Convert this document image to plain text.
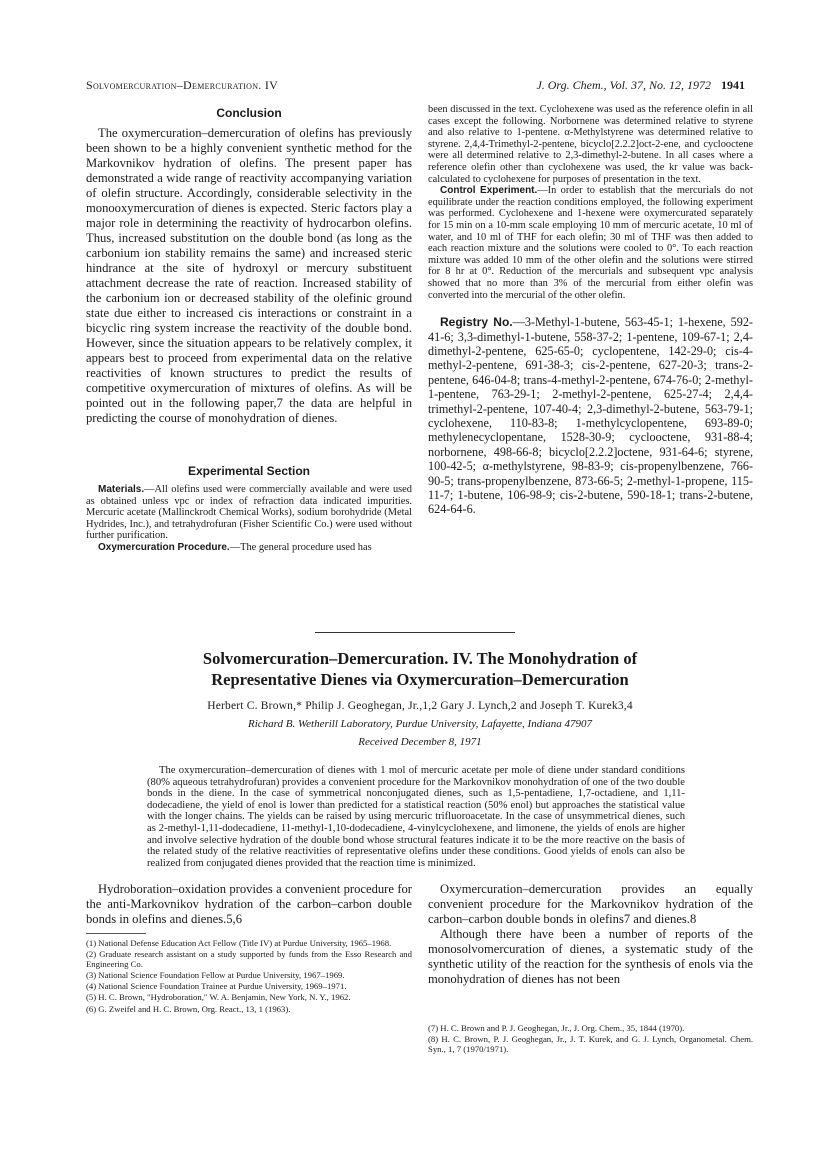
Solvomercuration–Demercuration. IV	J. Org. Chem., Vol. 37, No. 12, 1972 1941
Conclusion

The oxymercuration–demercuration of olefins has previously been shown to be a highly convenient synthetic method for the Markovnikov hydration of olefins. The present paper has demonstrated a wide range of reactivity accompanying variation of olefin structure. Accordingly, considerable selectivity in the monooxymercuration of dienes is expected. Steric factors play a major role in determining the reactivity of hydrocarbon olefins. Thus, increased substitution on the double bond (as long as the carbonium ion stability remains the same) and increased steric hindrance at the site of hydroxyl or mercury substituent attachment decrease the rate of reaction. Increased stability of the carbonium ion or decreased stability of the olefinic ground state due either to increased cis interactions or constraint in a bicyclic ring system increase the reactivity of the double bond. However, since the situation appears to be relatively complex, it appears best to proceed from experimental data on the relative reactivities of known structures to predict the results of competitive oxymercuration of mixtures of olefins. As will be pointed out in the following paper,7 the data are helpful in predicting the course of monohydration of dienes.

Experimental Section

Materials.—All olefins used were commercially available and were used as obtained unless vpc or index of refraction data indicated impurities. Mercuric acetate (Mallinckrodt Chemical Works), sodium borohydride (Metal Hydrides, Inc.), and tetrahydrofuran (Fisher Scientific Co.) were used without further purification.

Oxymercuration Procedure.—The general procedure used has

been discussed in the text. Cyclohexene was used as the reference olefin in all cases except the following. Norbornene was determined relative to styrene and also relative to 1-pentene. α-Methylstyrene was determined relative to styrene. 2,4,4-Trimethyl-2-pentene, bicyclo[2.2.2]oct-2-ene, and cyclooctene were all determined relative to 2,3-dimethyl-2-butene. In all cases where a reference olefin other than cyclohexene was used, the kr value was back-calculated to cyclohexene for purposes of presentation in the text.

Control Experiment.—In order to establish that the mercurials do not equilibrate under the reaction conditions employed, the following experiment was performed. Cyclohexene and 1-hexene were oxymercurated separately for 15 min on a 10-mm scale employing 10 mm of mercuric acetate, 10 ml of water, and 10 ml of THF for each olefin; 30 ml of THF was then added to each reaction mixture and the solutions were cooled to 0°. To each reaction mixture was added 10 mm of the other olefin and the solutions were stirred for 8 hr at 0°. Reduction of the mercurials and subsequent vpc analysis showed that no more than 3% of the mercurial from either olefin was converted into the mercurial of the other olefin.

Registry No.—3-Methyl-1-butene, 563-45-1; 1-hexene, 592-41-6; 3,3-dimethyl-1-butene, 558-37-2; 1-pentene, 109-67-1; 2,4-dimethyl-2-pentene, 625-65-0; cyclopentene, 142-29-0; cis-4-methyl-2-pentene, 691-38-3; cis-2-pentene, 627-20-3; trans-2-pentene, 646-04-8; trans-4-methyl-2-pentene, 674-76-0; 2-methyl-1-pentene, 763-29-1; 2-methyl-2-pentene, 625-27-4; 2,4,4-trimethyl-2-pentene, 107-40-4; 2,3-dimethyl-2-butene, 563-79-1; cyclohexene, 110-83-8; 1-methylcyclopentene, 693-89-0; methylenecyclopentane, 1528-30-9; cyclooctene, 931-88-4; norbornene, 498-66-8; bicyclo[2.2.2]octene, 931-64-6; styrene, 100-42-5; α-methylstyrene, 98-83-9; cis-propenylbenzene, 766-90-5; trans-propenylbenzene, 873-66-5; 2-methyl-1-propene, 115-11-7; 1-butene, 106-98-9; cis-2-butene, 590-18-1; trans-2-butene, 624-64-6.

Solvomercuration–Demercuration. IV. The Monohydration of
Representative Dienes via Oxymercuration–Demercuration
Herbert C. Brown,* Philip J. Geoghegan, Jr.,1,2 Gary J. Lynch,2 and Joseph T. Kurek3,4
Richard B. Wetherill Laboratory, Purdue University, Lafayette, Indiana 47907
Received December 8, 1971

The oxymercuration–demercuration of dienes with 1 mol of mercuric acetate per mole of diene under standard conditions (80% aqueous tetrahydrofuran) provides a convenient procedure for the Markovnikov monohydration of one of the two double bonds in the diene. In the case of symmetrical nonconjugated dienes, such as 1,5-pentadiene, 1,7-octadiene, and 1,11-dodecadiene, the yield of enol is lower than predicted for a statistical reaction (50% enol) but approaches the statistical value with the longer chains. The yields can be raised by using mercuric trifluoroacetate. In the case of unsymmetrical dienes, such as 2-methyl-1,11-dodecadiene, 11-methyl-1,10-dodecadiene, 4-vinylcyclohexene, and limonene, the yields of enols are higher and involve selective hydration of the double bond whose structural features indicate it to be the more reactive on the basis of the related study of the relative reactivities of representative olefins under these conditions. Good yields of enols can also be realized from conjugated dienes provided that the reaction time is minimized.

Hydroboration–oxidation provides a convenient procedure for the anti-Markovnikov hydration of the carbon–carbon double bonds in olefins and dienes.5,6

(1) National Defense Education Act Fellow (Title IV) at Purdue University, 1965–1968.

(2) Graduate research assistant on a study supported by funds from the Esso Research and Engineering Co.

(3) National Science Foundation Fellow at Purdue University, 1967–1969.

(4) National Science Foundation Trainee at Purdue University, 1969–1971.

(5) H. C. Brown, "Hydroboration," W. A. Benjamin, New York, N. Y., 1962.

(6) G. Zweifel and H. C. Brown, Org. React., 13, 1 (1963).

Oxymercuration–demercuration provides an equally convenient procedure for the Markovnikov hydration of the carbon–carbon double bonds in olefins7 and dienes.8

Although there have been a number of reports of the monosolvomercuration of dienes, a systematic study of the synthetic utility of the reaction for the synthesis of enols via the monohydration of dienes has not been

(7) H. C. Brown and P. J. Geoghegan, Jr., J. Org. Chem., 35, 1844 (1970).

(8) H. C. Brown, P. J. Geoghegan, Jr., J. T. Kurek, and G. J. Lynch, Organometal. Chem. Syn., 1, 7 (1970/1971).
